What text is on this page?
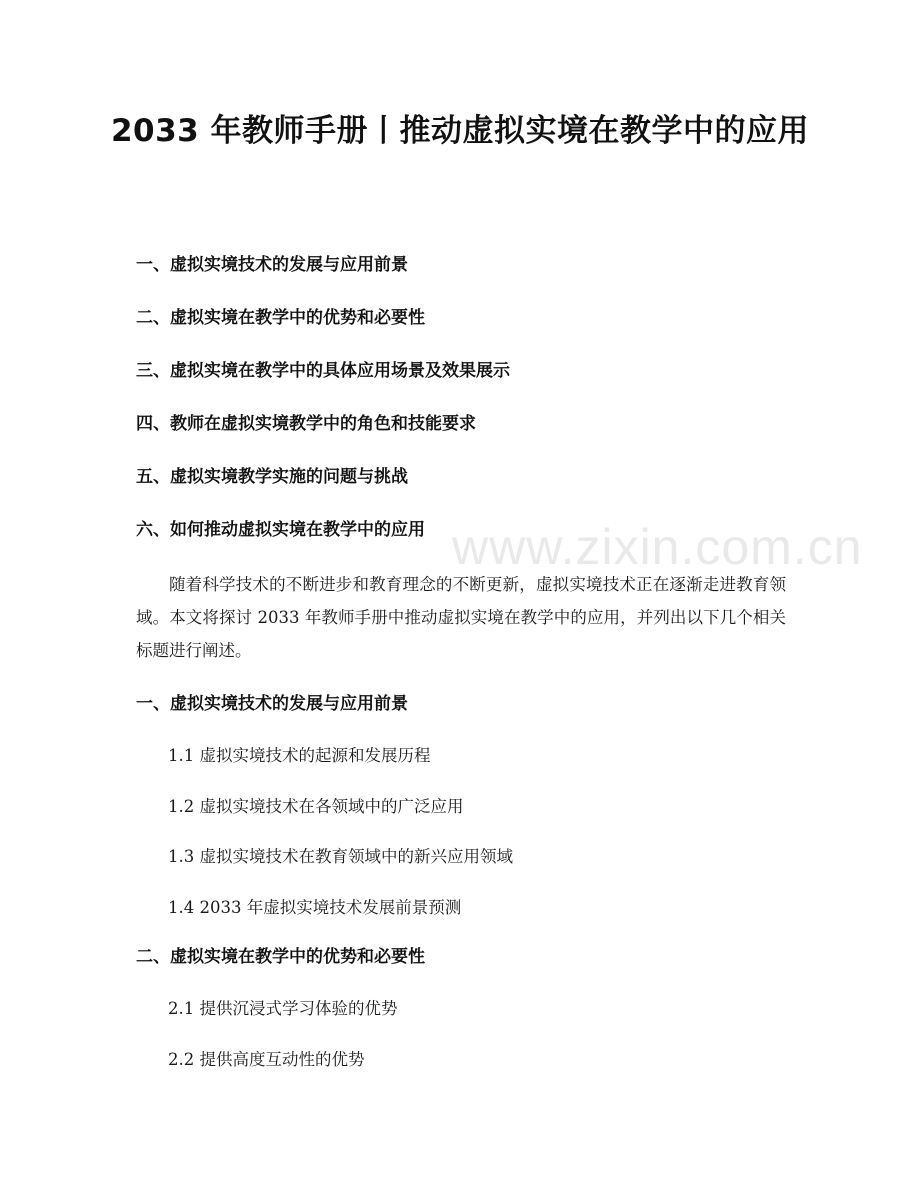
2033 年教师手册丨推动虚拟实境在教学中的应用
一、虚拟实境技术的发展与应用前景
二、虚拟实境在教学中的优势和必要性
三、虚拟实境在教学中的具体应用场景及效果展示
四、教师在虚拟实境教学中的角色和技能要求
五、虚拟实境教学实施的问题与挑战
六、如何推动虚拟实境在教学中的应用

随着科学技术的不断进步和教育理念的不断更新，虚拟实境技术正在逐渐走进教育领域。本文将探讨 2033 年教师手册中推动虚拟实境在教学中的应用，并列出以下几个相关标题进行阐述。

一、虚拟实境技术的发展与应用前景
1.1 虚拟实境技术的起源和发展历程
1.2 虚拟实境技术在各领域中的广泛应用
1.3 虚拟实境技术在教育领域中的新兴应用领域
1.4 2033 年虚拟实境技术发展前景预测
二、虚拟实境在教学中的优势和必要性
2.1 提供沉浸式学习体验的优势
2.2 提供高度互动性的优势
www.zixin.com.cn
